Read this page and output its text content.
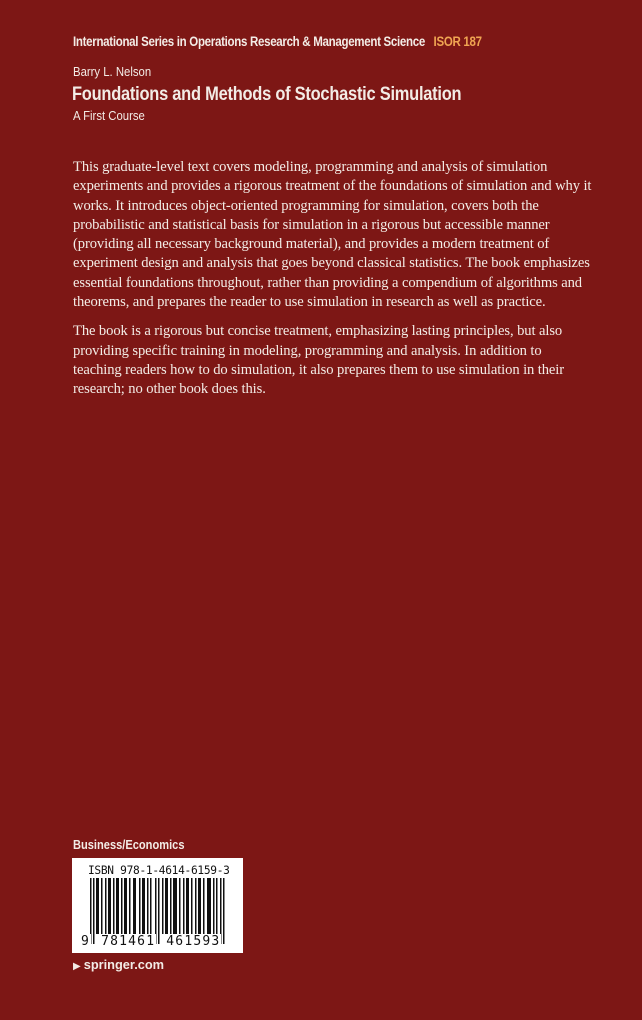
International Series in Operations Research & Management Science ISOR 187
Barry L. Nelson
Foundations and Methods of Stochastic Simulation
A First Course

This graduate-level text covers modeling, programming and analysis of simulation experiments and provides a rigorous treatment of the foundations of simulation and why it works. It introduces object-oriented programming for simulation, covers both the probabilistic and statistical basis for simulation in a rigorous but accessible manner (providing all necessary background material), and provides a modern treatment of experiment design and analysis that goes beyond classical statistics. The book emphasizes essential foundations throughout, rather than providing a compendium of algorithms and theorems, and prepares the reader to use simulation in research as well as practice.

The book is a rigorous but concise treatment, emphasizing lasting principles, but also providing specific training in modeling, programming and analysis. In addition to teaching readers how to do simulation, it also prepares them to use simulation in their research; no other book does this.

Business/Economics
ISBN 978-1-4614-6159-3
9 781461 461593
▶ springer.com
